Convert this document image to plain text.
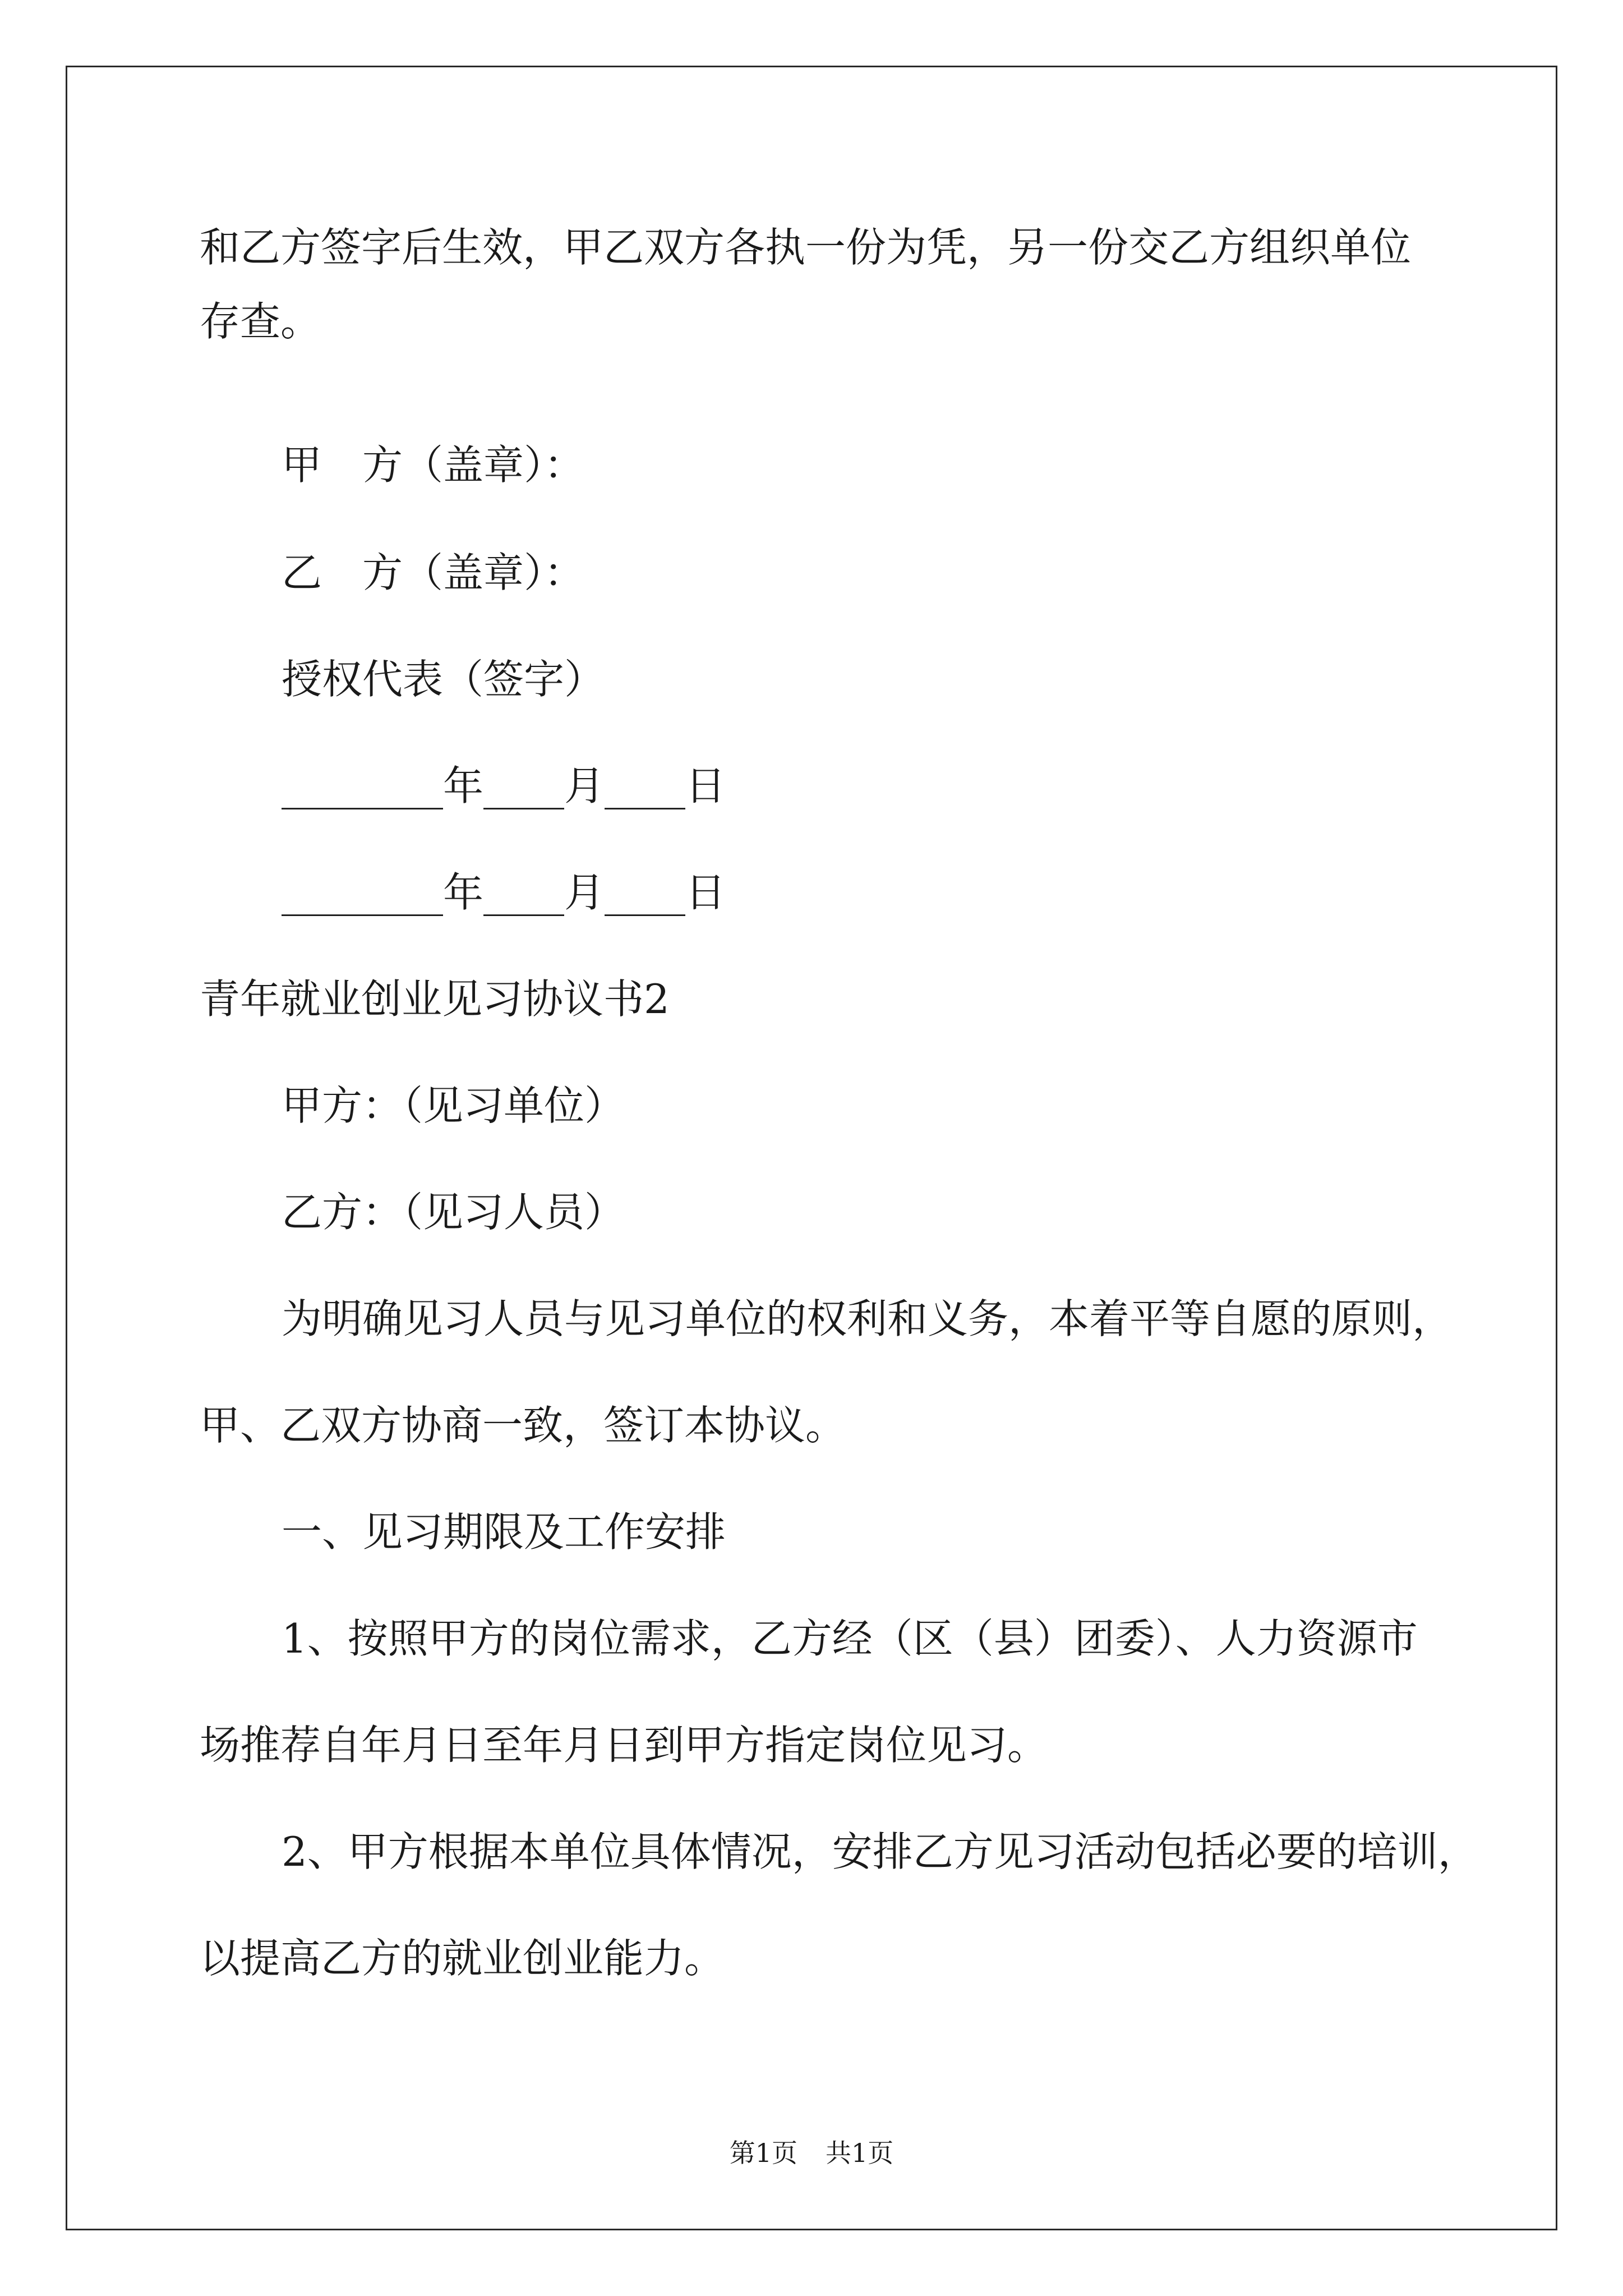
和乙方签字后生效，甲乙双方各执一份为凭，另一份交乙方组织单位
存查。
甲　方（盖章）：
乙　方（盖章）：
授权代表（签字）
________年____月____日
________年____月____日
青年就业创业见习协议书2
甲方：（见习单位）
乙方：（见习人员）
为明确见习人员与见习单位的权利和义务，本着平等自愿的原则，
甲、乙双方协商一致，签订本协议。
一、见习期限及工作安排
1、按照甲方的岗位需求，乙方经（区（县）团委）、人力资源市
场推荐自年月日至年月日到甲方指定岗位见习。
2、甲方根据本单位具体情况，安排乙方见习活动包括必要的培训，
以提高乙方的就业创业能力。
第1页 共1页
